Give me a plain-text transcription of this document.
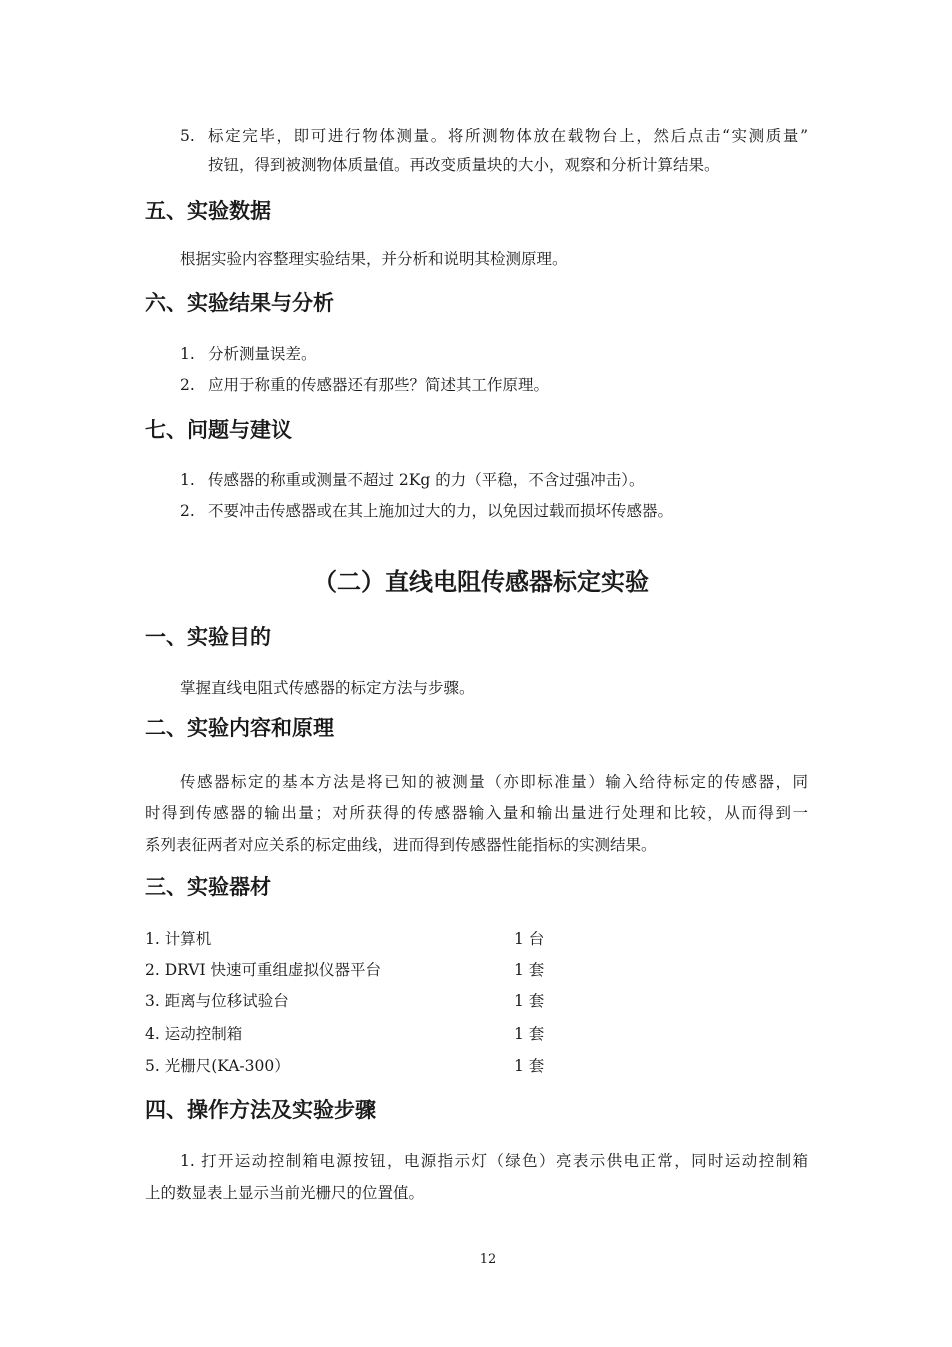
5. 标定完毕，即可进行物体测量。将所测物体放在载物台上，然后点击“实测质量”
按钮，得到被测物体质量值。再改变质量块的大小，观察和分析计算结果。
五、实验数据
根据实验内容整理实验结果，并分析和说明其检测原理。
六、实验结果与分析
1. 分析测量误差。
2. 应用于称重的传感器还有那些？简述其工作原理。
七、问题与建议
1. 传感器的称重或测量不超过 2Kg 的力（平稳，不含过强冲击）。
2. 不要冲击传感器或在其上施加过大的力，以免因过载而损坏传感器。
（二）直线电阻传感器标定实验
一、实验目的
掌握直线电阻式传感器的标定方法与步骤。
二、实验内容和原理
传感器标定的基本方法是将已知的被测量（亦即标准量）输入给待标定的传感器，同
时得到传感器的输出量；对所获得的传感器输入量和输出量进行处理和比较，从而得到一
系列表征两者对应关系的标定曲线，进而得到传感器性能指标的实测结果。
三、实验器材
1. 计算机	1 台
2. DRVI 快速可重组虚拟仪器平台	1 套
3. 距离与位移试验台	1 套
4. 运动控制箱	1 套
5. 光栅尺(KA-300）	1 套
四、操作方法及实验步骤
1. 打开运动控制箱电源按钮，电源指示灯（绿色）亮表示供电正常，同时运动控制箱
上的数显表上显示当前光栅尺的位置值。
12
